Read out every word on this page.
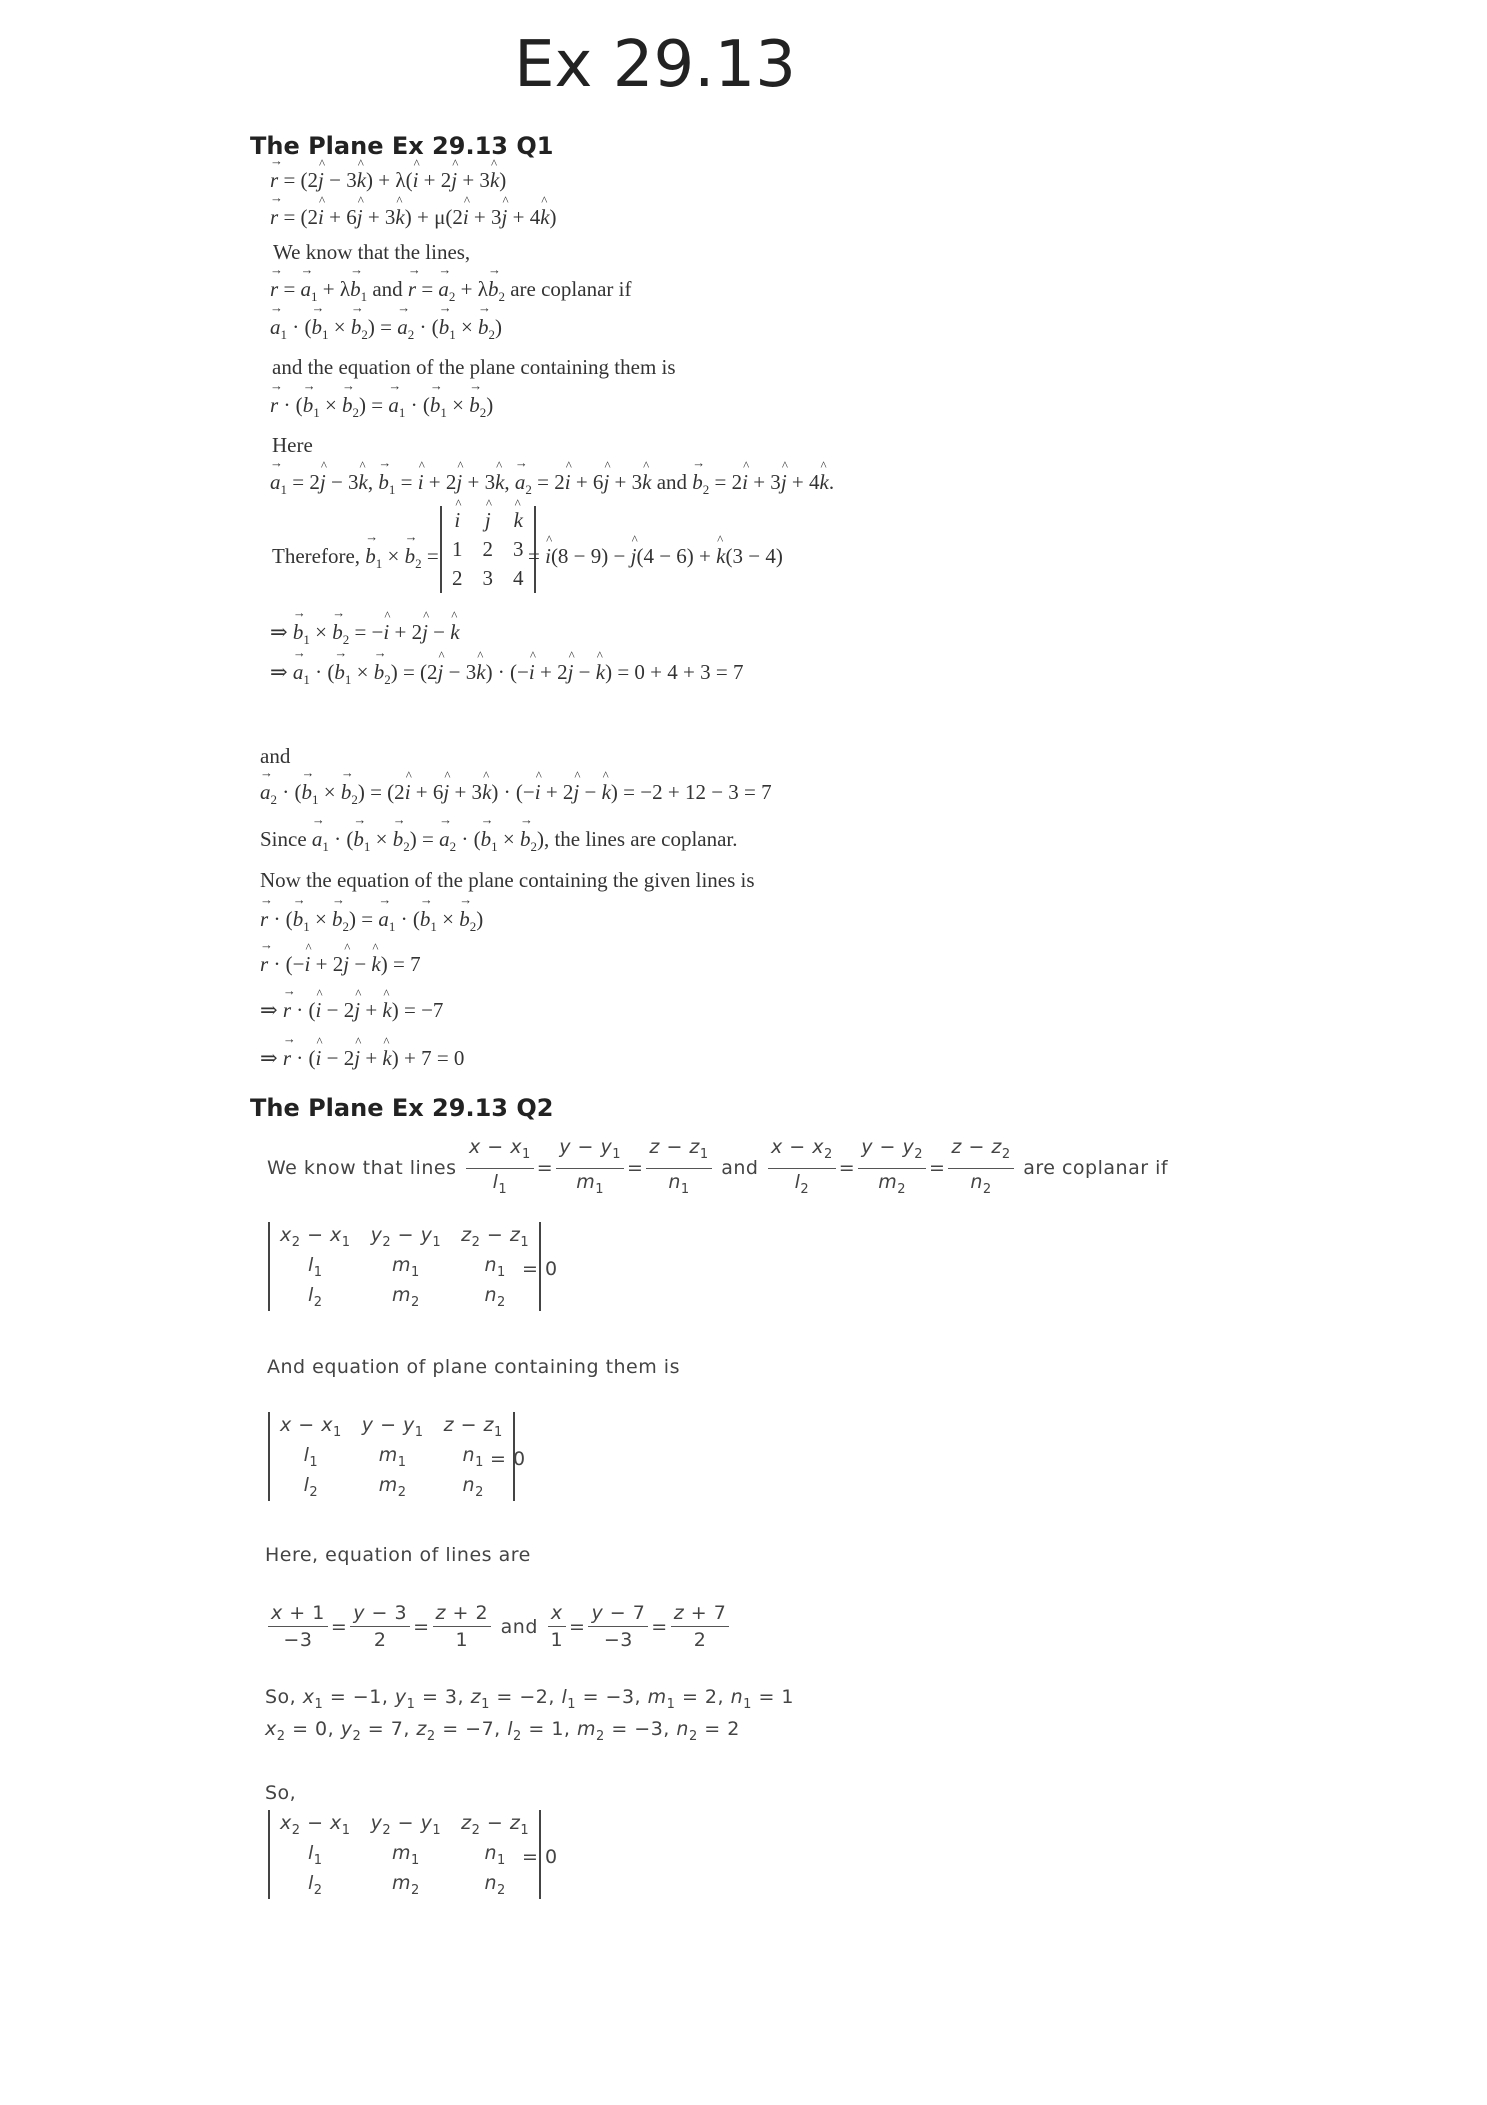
Ex 29.13
The Plane Ex 29.13 Q1
→ r = (2^ j − 3^ k) + λ(^ i + 2^ j + 3^ k)
→ r = (2^ i + 6^ j + 3^ k) + μ(2^ i + 3^ j + 4^ k)
We know that the lines,
→ r = → $a_1 + \lambda\to b_1$ and → r = → $a_2 + \lambda\to b_2$ are coplanar if
→ $a_1$ · (→ $b_1$ × → $b_2$) = → $a_2$ · (→ $b_1$ × → $b_2$)
and the equation of the plane containing them is
→ r · (→ $b_1$ × → $b_2$) = → $a_1$ · (→ $b_1$ × → $b_2$)
Here
→ $a_1$ = 2^ j − 3^ k, → $b_1$ = ^ i + 2^ j + 3^ k, → $a_2$ = 2^ i + 6^ j + 3^ k and → $b_2$ = 2^ i + 3^ j + 4^ k.
Therefore, → $b_1$ × → $b_2$ =
^ i	^ j	^ k
1	2	3
2	3	4
= ^ i(8 − 9) − ^ j(4 − 6) + ^ k(3 − 4)
⇒ → $b_1$ × → $b_2$ = −^ i + 2^ j − ^ k
⇒ → $a_1$ · (→ $b_1$ × → $b_2$) = (2^ j − 3^ k) · (−^ i + 2^ j − ^ k) = 0 + 4 + 3 = 7
and
→ $a_2$ · (→ $b_1$ × → $b_2$) = (2^ i + 6^ j + 3^ k) · (−^ i + 2^ j − ^ k) = −2 + 12 − 3 = 7
Since → $a_1$ · (→ $b_1$ × → $b_2$) = → $a_2$ · (→ $b_1$ × → $b_2$), the lines are coplanar.
Now the equation of the plane containing the given lines is
→ r · (→ $b_1$ × → $b_2$) = → $a_1$ · (→ $b_1$ × → $b_2$)
→ r · (−^ i + 2^ j − ^ k) = 7
⇒ → r · (^ i − 2^ j + ^ k) = −7
⇒ → r · (^ i − 2^ j + ^ k) + 7 = 0
The Plane Ex 29.13 Q2
We know that lines
$\frac{x - x_1}{l_1} = \frac{y - y_1}{m_1} = \frac{z - z_1}{n_1}$
and
$\frac{x - x_2}{l_2} = \frac{y - y_2}{m_2} = \frac{z - z_2}{n_2}$
are coplanar if
$x_2 - x_1$	$y_2 - y_1$	$z_2 - z_1$
$l_1$	$m_1$	$n_1$
$l_2$	$m_2$	$n_2$
= 0
And equation of plane containing them is
$x - x_1$	$y - y_1$	$z - z_1$
$l_1$	$m_1$	$n_1$
$l_2$	$m_2$	$n_2$
= 0
Here, equation of lines are
$\frac{x + 1}{-3} = \frac{y - 3}{2} = \frac{z + 2}{1}$ and $\frac{x}{1} = \frac{y - 7}{-3} = \frac{z + 7}{2}$
So, $x_1 = -1$, $y_1 = 3$, $z_1 = -2$, $l_1 = -3$, $m_1 = 2$, $n_1 = 1$
$x_2 = 0$, $y_2 = 7$, $z_2 = -7$, $l_2 = 1$, $m_2 = -3$, $n_2 = 2$
So,
$x_2 - x_1$	$y_2 - y_1$	$z_2 - z_1$
$l_1$	$m_1$	$n_1$
$l_2$	$m_2$	$n_2$
= 0
